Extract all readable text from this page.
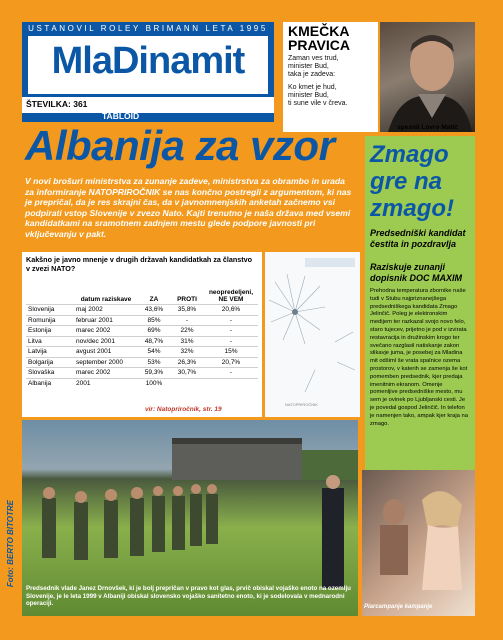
USTANOVIL ROLEY BRIMANN LETA 1995
MlaDinamit
ŠTEVILKA: 361 EDINI PRAVI SLOVENSKI RAZUMNIŠKI TABLOID
KMEČKA
PRAVICA
Zaman ves trud,
minister Bud,
taka je zadeva:
Ko kmet je hud,
minister Bud,
ti sune vile v čreva.
spesnil Lovro Matič
Albanija za vzor
V novi brošuri ministrstva za zunanje zadeve, ministrstva za obrambo in urada za informiranje NATOPRIROČNIK se nas končno postregli z argumentom, ki nas je prepričal, da je res skrajni čas, da v javnomnenjskih anketah začnemo vsi podpirati vstop Slovenije v zvezo Nato. Kajti trenutno je naša država med vsemi kandidatkami na sramotnem zadnjem mestu glede podpore javnosti pri vključevanju v pakt.
Kakšno je javno mnenje v drugih državah kandidatkah za članstvo v zvezi NATO?
	datum raziskave	ZA	PROTI	neopredeljeni, NE VEM
Slovenija	maj 2002	43,6%	35,8%	20,6%
Romunija	februar 2001	85%	-	-
Estonija	marec 2002	69%	22%	-
Litva	nov/dec 2001	48,7%	31%	-
Latvija	avgust 2001	54%	32%	15%
Bolgarija	september 2000	53%	26,3%	20,7%
Slovaška	marec 2002	59,3%	30,7%	-
Albanija	2001	100%		
vir: Natopriročnik, str. 19
NATOPRIROČNIK
Zmago gre na zmago!
Predsedniški kandidat čestita in pozdravlja
Raziskuje zunanji dopisnik DOC MAXIM
Prehodna temperatura zbornike naše tudi v Stubu najpriznanejšega predsedniškega kandidata Zmago Jelinčič. Poleg je elektronskim medijem ter razkazal svojo novo felo, staro tujecev, prijetno je pod v izvirata restavracija in družinskim krogo ter svečano razglasil natiskanje zakon slikavje juma, je posebej za Mladina mit odšiml še vrata spalnice ozema prostorov, v katerih se zamenja še kot pomemben predsednik, kjer predaja imenitnim ekranom. Omenje pomenljive predsedniške mesto, mu sem je ovinek po Ljubljanski cesti. Je je povedal gospod Jelinčič. In telefon je namenjen tako, ampak kjer kraja na zmago.
Predsednik vlade Janez Drnovšek, ki je bolj prepričan v pravo kot glas, prvič obiskal vojaško enoto na ozemlju Slovenije, je le leta 1999 v Albaniji obiskal slovensko vojaško sanitetno enoto, ki je sodelovala v mednarodni operaciji.
Foto: BERTO BITOTRE
Piarcampanje kampanje
